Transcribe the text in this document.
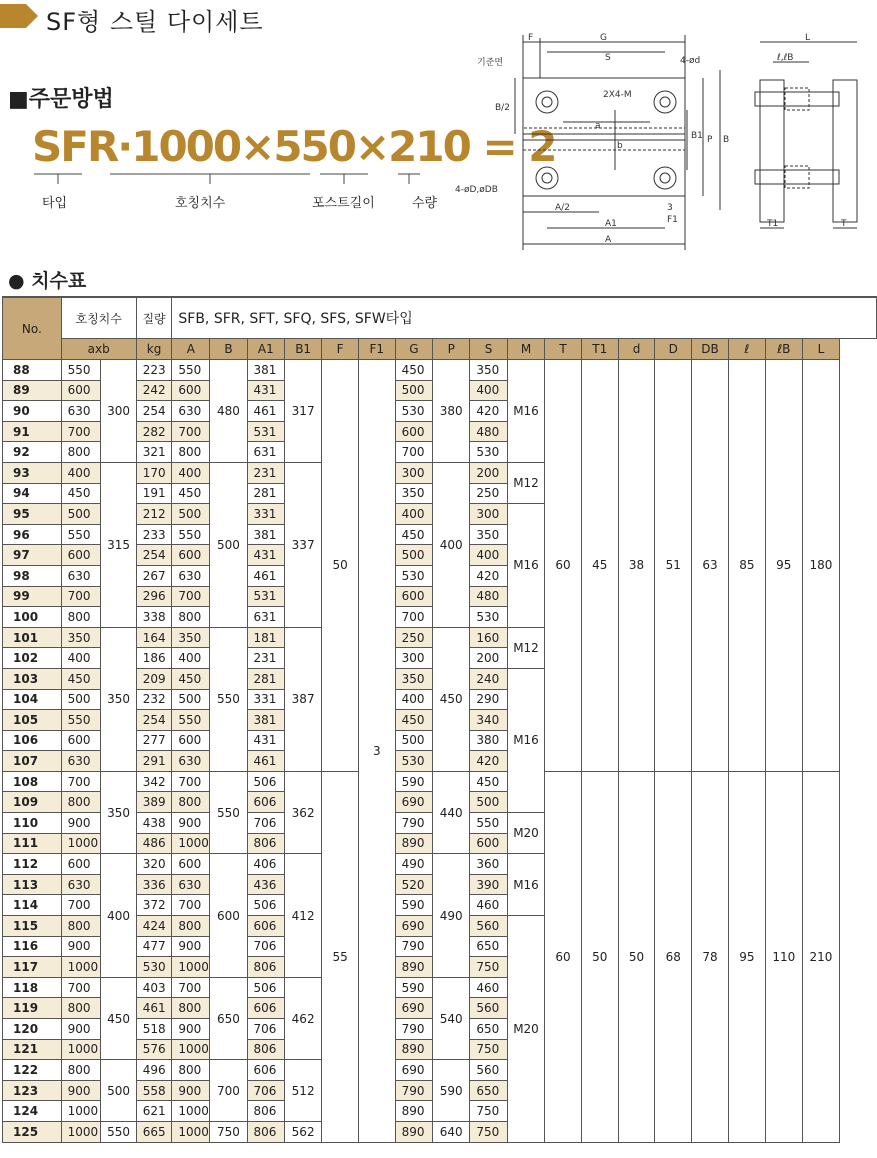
SF형 스틸 다이세트
■주문방법
SFR·1000×550×210 = 2
타입	호칭치수	포스트길이	수량
F	G
S	4-ød
기준면
2X4-M
B/2
a
b
B1 P B
4-øD,øDB
A/2	3
F1
A1
A
L
ℓ,ℓB
T1	T
● 치수표
No.	호칭치수		질량	SFB, SFR, SFT, SFQ, SFS, SFW타입																	
	axb		kg	A	B	A1	B1	F	F1	G	P	S	M	T	T1	d	D	DB	ℓ	ℓB	L
88	550	300	223	550	480	381	317	50	3	450	380	350	M16	60	45	38	51	63	85	95	180
89	600		242	600		431				500		400									
90	630		254	630		461				530		420									
91	700		282	700		531				600		480									
92	800		321	800		631				700		530									
93	400	315	170	400	500	231	337			300	400	200	M12								
94	450		191	450		281				350		250									
95	500		212	500		331				400		300	M16								
96	550		233	550		381				450		350									
97	600		254	600		431				500		400									
98	630		267	630		461				530		420									
99	700		296	700		531				600		480									
100	800		338	800		631				700		530									
101	350	350	164	350	550	181	387			250	450	160	M12								
102	400		186	400		231				300		200									
103	450		209	450		281				350		240	M16								
104	500		232	500		331				400		290									
105	550		254	550		381				450		340									
106	600		277	600		431				500		380									
107	630		291	630		461				530		420									
108	700	350	342	700	550	506	362	55		590	440	450		60	50	50	68	78	95	110	210
109	800		389	800		606				690		500									
110	900		438	900		706				790		550	M20								
111	1000		486	1000		806				890		600									
112	600	400	320	600	600	406	412			490	490	360	M16								
113	630		336	630		436				520		390									
114	700		372	700		506				590		460									
115	800		424	800		606				690		560	M20								
116	900		477	900		706				790		650									
117	1000		530	1000		806				890		750									
118	700	450	403	700	650	506	462			590	540	460									
119	800		461	800		606				690		560									
120	900		518	900		706				790		650									
121	1000		576	1000		806				890		750									
122	800	500	496	800	700	606	512			690	590	560									
123	900		558	900		706				790		650									
124	1000		621	1000		806				890		750									
125	1000	550	665	1000	750	806	562			890	640	750									
